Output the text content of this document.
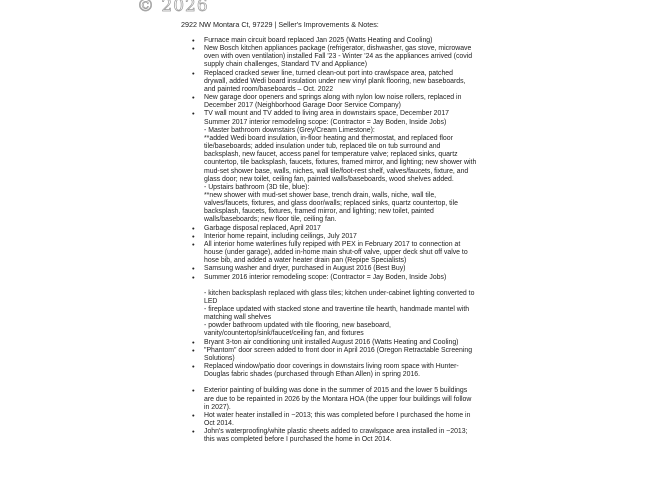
© 2026
2922 NW Montara Ct, 97229 | Seller's Improvements & Notes:
• Furnace main circuit board replaced Jan 2025 (Watts Heating and Cooling)
• New Bosch kitchen appliances package (refrigerator, dishwasher, gas stove, microwave oven with oven ventilation) installed Fall '23 - Winter '24 as the appliances arrived (covid supply chain challenges, Standard TV and Appliance)
• Replaced cracked sewer line, turned clean-out port into crawlspace area, patched drywall, added Wedi board insulation under new vinyl plank flooring, new baseboards, and painted room/baseboards – Oct. 2022
• New garage door openers and springs along with nylon low noise rollers, replaced in December 2017 (Neighborhood Garage Door Service Company)
• TV wall mount and TV added to living area in downstairs space, December 2017
Summer 2017 interior remodeling scope: (Contractor = Jay Boden, Inside Jobs)
- Master bathroom downstairs (Grey/Cream Limestone):
**added Wedi board insulation, in-floor heating and thermostat, and replaced floor tile/baseboards; added insulation under tub, replaced tile on tub surround and backsplash, new faucet, access panel for temperature valve; replaced sinks, quartz countertop, tile backsplash, faucets, fixtures, framed mirror, and lighting; new shower with mud-set shower base, walls, niches, wall tile/foot-rest shelf, valves/faucets, fixture, and glass door; new toilet, ceiling fan, painted walls/baseboards, wood shelves added.
- Upstairs bathroom (3D tile, blue):
**new shower with mud-set shower base, trench drain, walls, niche, wall tile, valves/faucets, fixtures, and glass door/walls; replaced sinks, quartz countertop, tile backsplash, faucets, fixtures, framed mirror, and lighting; new toilet, painted walls/baseboards; new floor tile, ceiling fan.
• Garbage disposal replaced, April 2017
• Interior home repaint, including ceilings, July 2017
• All interior home waterlines fully repiped with PEX in February 2017 to connection at house (under garage), added in-home main shut-off valve, upper deck shut off valve to hose bib, and added a water heater drain pan (Repipe Specialists)
• Samsung washer and dryer, purchased in August 2016 (Best Buy)
• Summer 2016 interior remodeling scope: (Contractor = Jay Boden, Inside Jobs)
- kitchen backsplash replaced with glass tiles; kitchen under-cabinet lighting converted to LED
- fireplace updated with stacked stone and travertine tile hearth, handmade mantel with matching wall shelves
- powder bathroom updated with tile flooring, new baseboard, vanity/countertop/sink/faucet/ceiling fan, and fixtures
• Bryant 3-ton air conditioning unit installed August 2016 (Watts Heating and Cooling)
• "Phantom" door screen added to front door in April 2016 (Oregon Retractable Screening Solutions)
• Replaced window/patio door coverings in downstairs living room space with Hunter-Douglas fabric shades (purchased through Ethan Allen) in spring 2016.
• Exterior painting of building was done in the summer of 2015 and the lower 5 buildings are due to be repainted in 2026 by the Montara HOA (the upper four buildings will follow in 2027).
• Hot water heater installed in ~2013; this was completed before I purchased the home in Oct 2014.
• John's waterproofing/white plastic sheets added to crawlspace area installed in ~2013; this was completed before I purchased the home in Oct 2014.
